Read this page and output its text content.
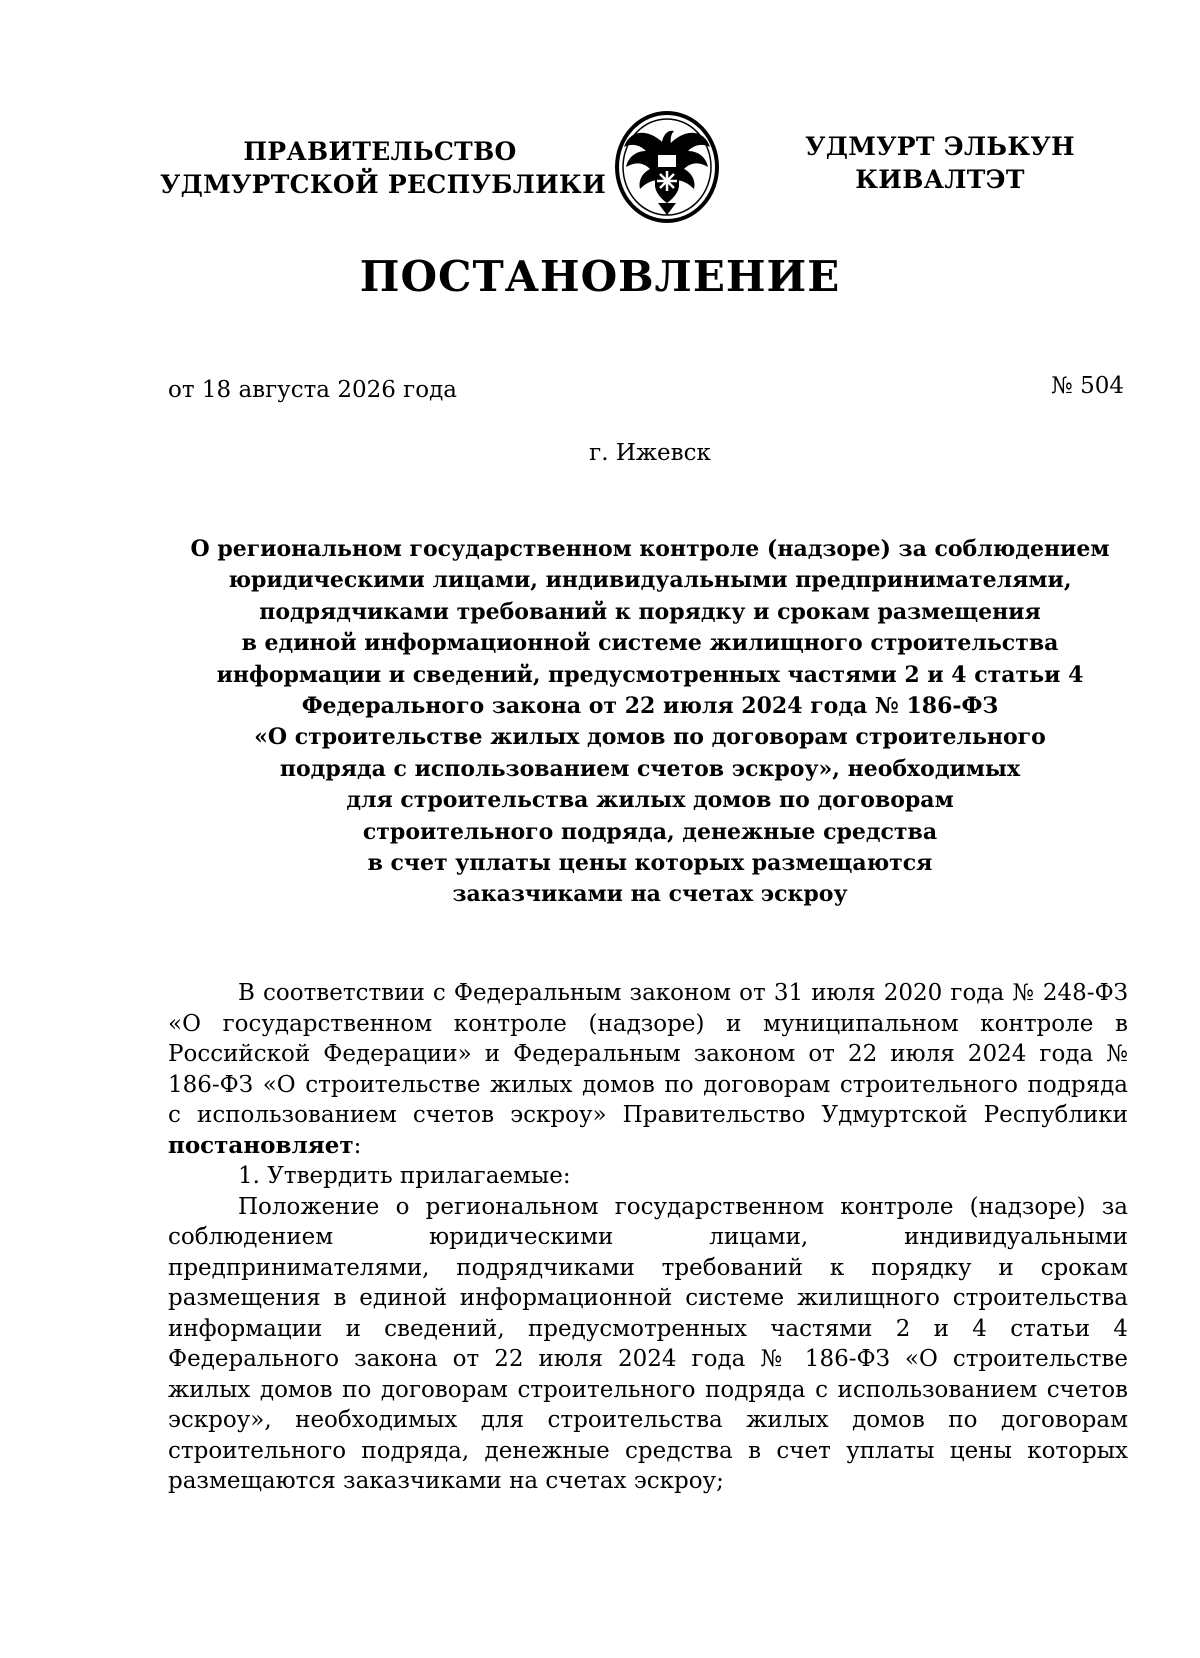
ПРАВИТЕЛЬСТВО
УДМУРТСКОЙ РЕСПУБЛИКИ
УДМУРТ ЭЛЬКУН
КИВАЛТЭТ
ПОСТАНОВЛЕНИЕ
от 18 августа 2026 года	№ 504
г. Ижевск
О региональном государственном контроле (надзоре) за соблюдением
юридическими лицами, индивидуальными предпринимателями,
подрядчиками требований к порядку и срокам размещения
в единой информационной системе жилищного строительства
информации и сведений, предусмотренных частями 2 и 4 статьи 4
Федерального закона от 22 июля 2024 года № 186-ФЗ
«О строительстве жилых домов по договорам строительного
подряда с использованием счетов эскроу», необходимых
для строительства жилых домов по договорам
строительного подряда, денежные средства
в счет уплаты цены которых размещаются
заказчиками на счетах эскроу

В соответствии с Федеральным законом от 31 июля 2020 года № 248-ФЗ «О государственном контроле (надзоре) и муниципальном контроле в Российской Федерации» и Федеральным законом от 22 июля 2024 года № 186-ФЗ «О строительстве жилых домов по договорам строительного подряда с использованием счетов эскроу» Правительство Удмуртской Республики постановляет:

1. Утвердить прилагаемые:

Положение о региональном государственном контроле (надзоре) за соблюдением юридическими лицами, индивидуальными предпринимателями, подрядчиками требований к порядку и срокам размещения в единой информационной системе жилищного строительства информации и сведений, предусмотренных частями 2 и 4 статьи 4 Федерального закона от 22 июля 2024 года № 186-ФЗ «О строительстве жилых домов по договорам строительного подряда с использованием счетов эскроу», необходимых для строительства жилых домов по договорам строительного подряда, денежные средства в счет уплаты цены которых размещаются заказчиками на счетах эскроу;
